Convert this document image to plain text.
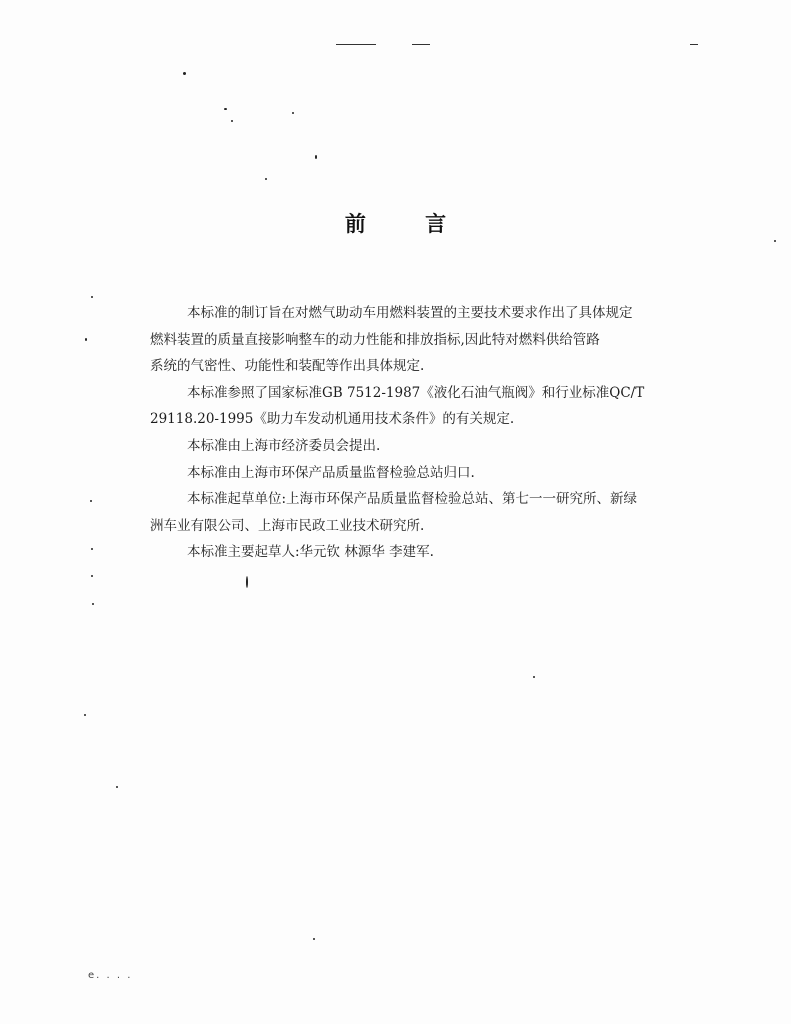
前 言

本标准的制订旨在对燃气助动车用燃料装置的主要技术要求作出了具体规定
燃料装置的质量直接影响整车的动力性能和排放指标,因此特对燃料供给管路
系统的气密性、功能性和装配等作出具体规定.

本标准参照了国家标准GB 7512-1987《液化石油气瓶阀》和行业标准QC/T
29118.20-1995《助力车发动机通用技术条件》的有关规定.

本标准由上海市经济委员会提出.

本标准由上海市环保产品质量监督检验总站归口.

本标准起草单位:上海市环保产品质量监督检验总站、第七一一研究所、新绿
洲车业有限公司、上海市民政工业技术研究所.

本标准主要起草人:华元钦 林源华 李建军.

e. . . .
